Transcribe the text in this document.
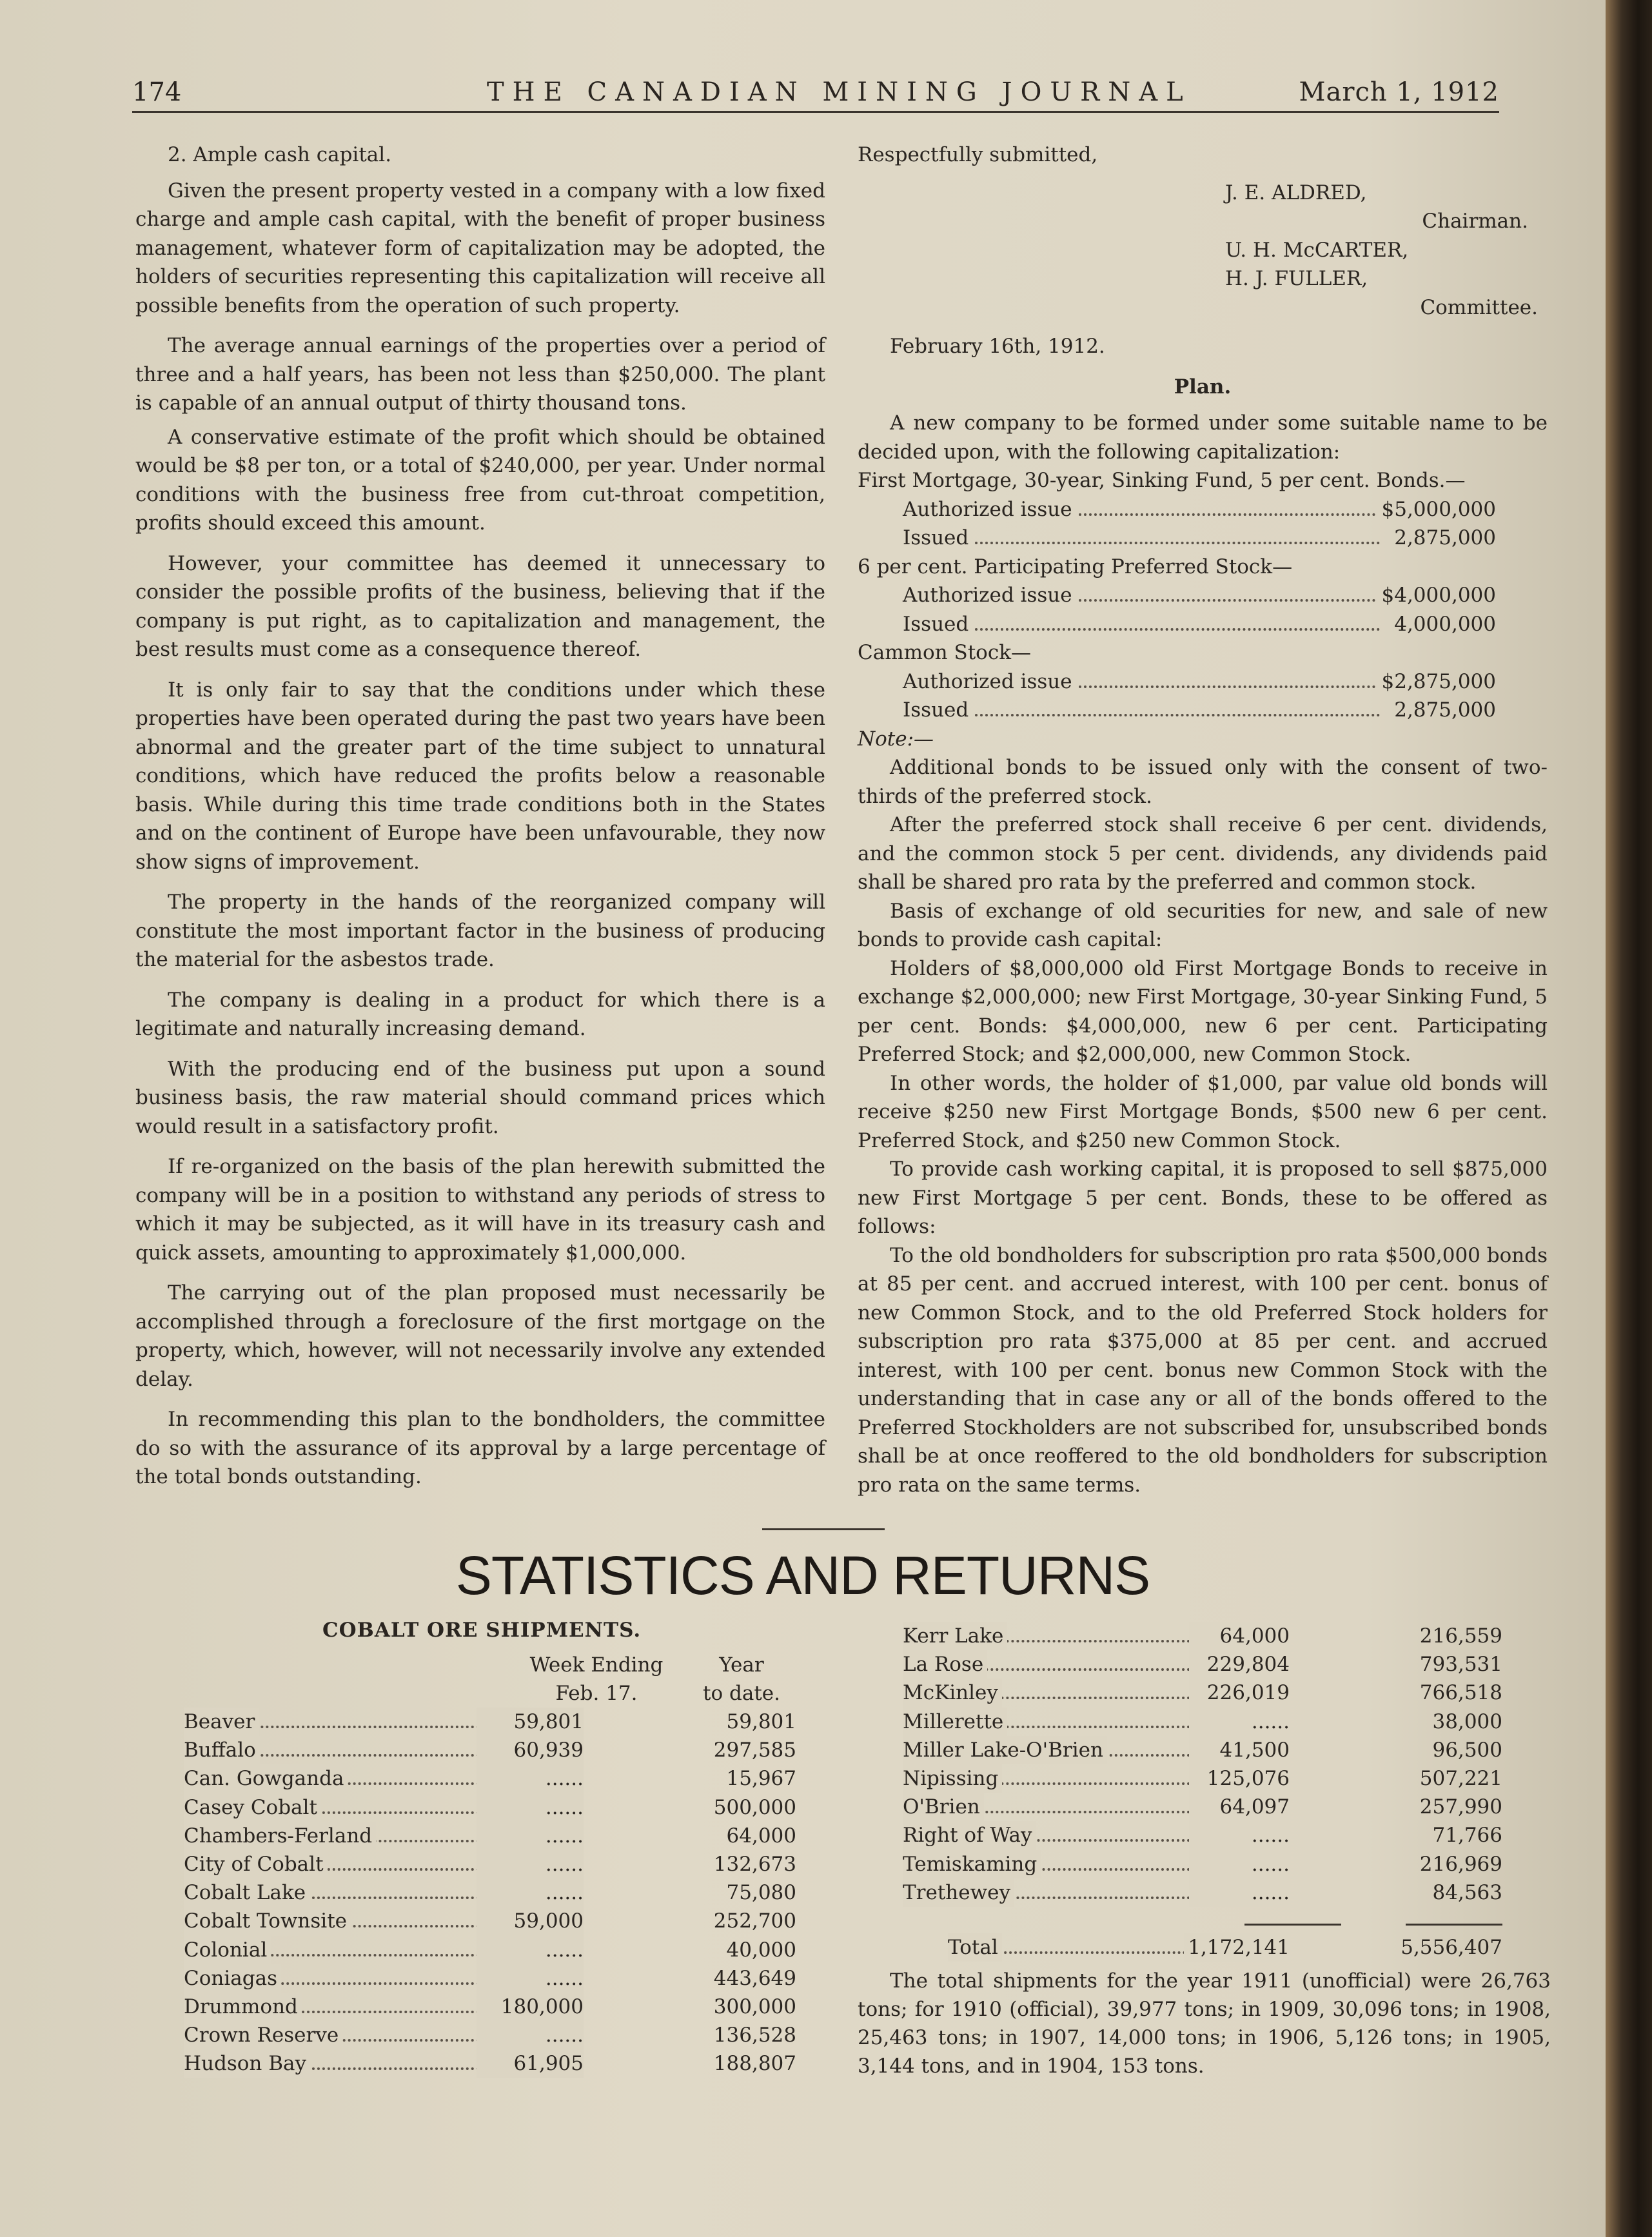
174	THE CANADIAN MINING JOURNAL	March 1, 1912

2. Ample cash capital.

Given the present property vested in a company with a low fixed charge and ample cash capital, with the benefit of proper business management, whatever form of capitalization may be adopted, the holders of securities representing this capitalization will receive all possible benefits from the operation of such property.

The average annual earnings of the properties over a period of three and a half years, has been not less than $250,000. The plant is capable of an annual output of thirty thousand tons.

A conservative estimate of the profit which should be obtained would be $8 per ton, or a total of $240,000, per year. Under normal conditions with the business free from cut-throat competition, profits should exceed this amount.

However, your committee has deemed it unnecessary to consider the possible profits of the business, believing that if the company is put right, as to capitalization and management, the best results must come as a consequence thereof.

It is only fair to say that the conditions under which these properties have been operated during the past two years have been abnormal and the greater part of the time subject to unnatural conditions, which have reduced the profits below a reasonable basis. While during this time trade conditions both in the States and on the continent of Europe have been unfavourable, they now show signs of improvement.

The property in the hands of the reorganized company will constitute the most important factor in the business of producing the material for the asbestos trade.

The company is dealing in a product for which there is a legitimate and naturally increasing demand.

With the producing end of the business put upon a sound business basis, the raw material should command prices which would result in a satisfactory profit.

If re-organized on the basis of the plan herewith submitted the company will be in a position to withstand any periods of stress to which it may be subjected, as it will have in its treasury cash and quick assets, amounting to approximately $1,000,000.

The carrying out of the plan proposed must necessarily be accomplished through a foreclosure of the first mortgage on the property, which, however, will not necessarily involve any extended delay.

In recommending this plan to the bondholders, the committee do so with the assurance of its approval by a large percentage of the total bonds outstanding.

Respectfully submitted,
J. E. ALDRED,
Chairman.
U. H. McCARTER,
H. J. FULLER,
Committee.
February 16th, 1912.
Plan.

A new company to be formed under some suitable name to be decided upon, with the following capitalization:

First Mortgage, 30-year, Sinking Fund, 5 per cent. Bonds.—
Authorized issue	$5,000,000
Issued	2,875,000
6 per cent. Participating Preferred Stock—
Authorized issue	$4,000,000
Issued	4,000,000
Cammon Stock—
Authorized issue	$2,875,000
Issued	2,875,000
Note:—

Additional bonds to be issued only with the consent of two-thirds of the preferred stock.

After the preferred stock shall receive 6 per cent. dividends, and the common stock 5 per cent. dividends, any dividends paid shall be shared pro rata by the preferred and common stock.

Basis of exchange of old securities for new, and sale of new bonds to provide cash capital:

Holders of $8,000,000 old First Mortgage Bonds to receive in exchange $2,000,000; new First Mortgage, 30-year Sinking Fund, 5 per cent. Bonds: $4,000,000, new 6 per cent. Participating Preferred Stock; and $2,000,000, new Common Stock.

In other words, the holder of $1,000, par value old bonds will receive $250 new First Mortgage Bonds, $500 new 6 per cent. Preferred Stock, and $250 new Common Stock.

To provide cash working capital, it is proposed to sell $875,000 new First Mortgage 5 per cent. Bonds, these to be offered as follows:

To the old bondholders for subscription pro rata $500,000 bonds at 85 per cent. and accrued interest, with 100 per cent. bonus of new Common Stock, and to the old Preferred Stock holders for subscription pro rata $375,000 at 85 per cent. and accrued interest, with 100 per cent. bonus new Common Stock with the understanding that in case any or all of the bonds offered to the Preferred Stockholders are not subscribed for, unsubscribed bonds shall be at once reoffered to the old bondholders for subscription pro rata on the same terms.

STATISTICS AND RETURNS
COBALT ORE SHIPMENTS.
Week Ending
Feb. 17.
Year
to date.
Beaver	59,801	59,801
Buffalo	60,939	297,585
Can. Gowganda	......	15,967
Casey Cobalt	......	500,000
Chambers-Ferland	......	64,000
City of Cobalt	......	132,673
Cobalt Lake	......	75,080
Cobalt Townsite	59,000	252,700
Colonial	......	40,000
Coniagas	......	443,649
Drummond	180,000	300,000
Crown Reserve	......	136,528
Hudson Bay	61,905	188,807
Kerr Lake	64,000	216,559
La Rose	229,804	793,531
McKinley	226,019	766,518
Millerette	......	38,000
Miller Lake-O'Brien	41,500	96,500
Nipissing	125,076	507,221
O'Brien	64,097	257,990
Right of Way	......	71,766
Temiskaming	......	216,969
Trethewey	......	84,563
Total	1,172,141	5,556,407
The total shipments for the year 1911 (unofficial) were 26,763 tons; for 1910 (official), 39,977 tons; in 1909, 30,096 tons; in 1908, 25,463 tons; in 1907, 14,000 tons; in 1906, 5,126 tons; in 1905, 3,144 tons, and in 1904, 153 tons.
